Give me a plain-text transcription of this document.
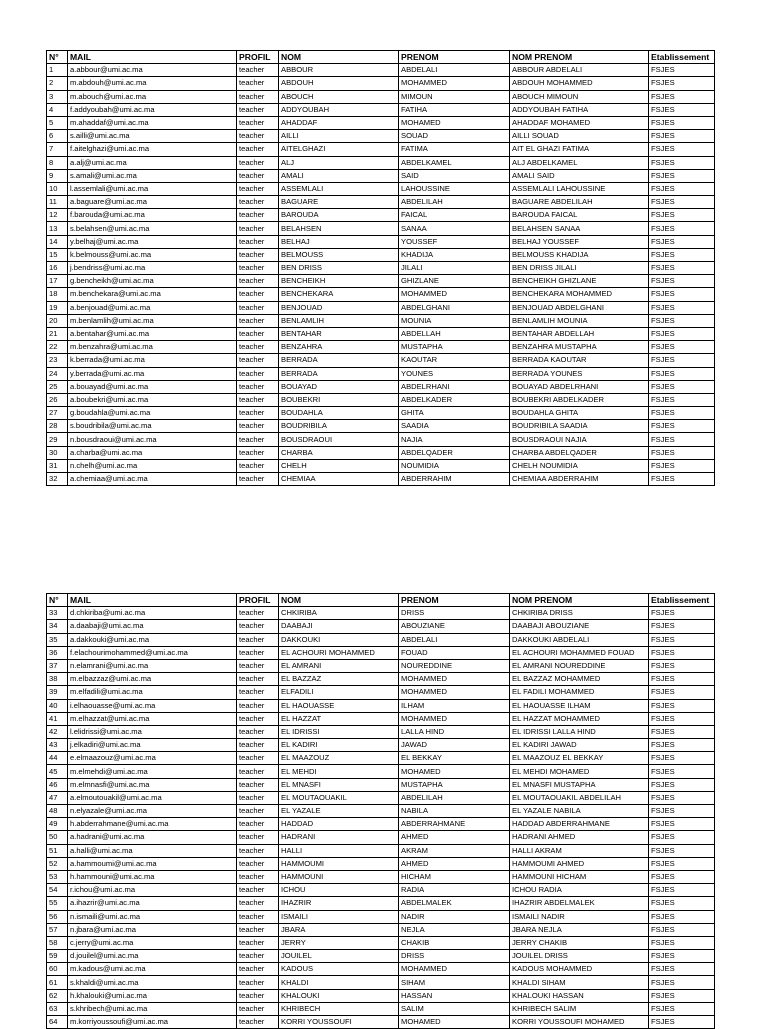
N°	MAIL	PROFIL	NOM	PRENOM	NOM PRENOM	Etablissement
1	a.abbour@umi.ac.ma	teacher	ABBOUR	ABDELALI	ABBOUR ABDELALI	FSJES
2	m.abdouh@umi.ac.ma	teacher	ABDOUH	MOHAMMED	ABDOUH MOHAMMED	FSJES
3	m.abouch@umi.ac.ma	teacher	ABOUCH	MIMOUN	ABOUCH MIMOUN	FSJES
4	f.addyoubah@umi.ac.ma	teacher	ADDYOUBAH	FATIHA	ADDYOUBAH FATIHA	FSJES
5	m.ahaddaf@umi.ac.ma	teacher	AHADDAF	MOHAMED	AHADDAF MOHAMED	FSJES
6	s.ailli@umi.ac.ma	teacher	AILLI	SOUAD	AILLI SOUAD	FSJES
7	f.aitelghazi@umi.ac.ma	teacher	AITELGHAZI	FATIMA	AIT EL GHAZI FATIMA	FSJES
8	a.alj@umi.ac.ma	teacher	ALJ	ABDELKAMEL	ALJ ABDELKAMEL	FSJES
9	s.amali@umi.ac.ma	teacher	AMALI	SAID	AMALI SAID	FSJES
10	l.assemlali@umi.ac.ma	teacher	ASSEMLALI	LAHOUSSINE	ASSEMLALI LAHOUSSINE	FSJES
11	a.baguare@umi.ac.ma	teacher	BAGUARE	ABDELILAH	BAGUARE ABDELILAH	FSJES
12	f.barouda@umi.ac.ma	teacher	BAROUDA	FAICAL	BAROUDA FAICAL	FSJES
13	s.belahsen@umi.ac.ma	teacher	BELAHSEN	SANAA	BELAHSEN SANAA	FSJES
14	y.belhaj@umi.ac.ma	teacher	BELHAJ	YOUSSEF	BELHAJ YOUSSEF	FSJES
15	k.belmouss@umi.ac.ma	teacher	BELMOUSS	KHADIJA	BELMOUSS KHADIJA	FSJES
16	j.bendriss@umi.ac.ma	teacher	BEN DRISS	JILALI	BEN DRISS JILALI	FSJES
17	g.bencheikh@umi.ac.ma	teacher	BENCHEIKH	GHIZLANE	BENCHEIKH GHIZLANE	FSJES
18	m.benchekara@umi.ac.ma	teacher	BENCHEKARA	MOHAMMED	BENCHEKARA MOHAMMED	FSJES
19	a.benjouad@umi.ac.ma	teacher	BENJOUAD	ABDELGHANI	BENJOUAD ABDELGHANI	FSJES
20	m.benlamlih@umi.ac.ma	teacher	BENLAMLIH	MOUNIA	BENLAMLIH MOUNIA	FSJES
21	a.bentahar@umi.ac.ma	teacher	BENTAHAR	ABDELLAH	BENTAHAR ABDELLAH	FSJES
22	m.benzahra@umi.ac.ma	teacher	BENZAHRA	MUSTAPHA	BENZAHRA MUSTAPHA	FSJES
23	k.berrada@umi.ac.ma	teacher	BERRADA	KAOUTAR	BERRADA KAOUTAR	FSJES
24	y.berrada@umi.ac.ma	teacher	BERRADA	YOUNES	BERRADA YOUNES	FSJES
25	a.bouayad@umi.ac.ma	teacher	BOUAYAD	ABDELRHANI	BOUAYAD ABDELRHANI	FSJES
26	a.boubekri@umi.ac.ma	teacher	BOUBEKRI	ABDELKADER	BOUBEKRI ABDELKADER	FSJES
27	g.boudahla@umi.ac.ma	teacher	BOUDAHLA	GHITA	BOUDAHLA GHITA	FSJES
28	s.boudribila@umi.ac.ma	teacher	BOUDRIBILA	SAADIA	BOUDRIBILA SAADIA	FSJES
29	n.bousdraoui@umi.ac.ma	teacher	BOUSDRAOUI	NAJIA	BOUSDRAOUI NAJIA	FSJES
30	a.charba@umi.ac.ma	teacher	CHARBA	ABDELQADER	CHARBA ABDELQADER	FSJES
31	n.chelh@umi.ac.ma	teacher	CHELH	NOUMIDIA	CHELH NOUMIDIA	FSJES
32	a.chemiaa@umi.ac.ma	teacher	CHEMIAA	ABDERRAHIM	CHEMIAA ABDERRAHIM	FSJES
N°	MAIL	PROFIL	NOM	PRENOM	NOM PRENOM	Etablissement
33	d.chkiriba@umi.ac.ma	teacher	CHKIRIBA	DRISS	CHKIRIBA DRISS	FSJES
34	a.daabaji@umi.ac.ma	teacher	DAABAJI	ABOUZIANE	DAABAJI ABOUZIANE	FSJES
35	a.dakkouki@umi.ac.ma	teacher	DAKKOUKI	ABDELALI	DAKKOUKI ABDELALI	FSJES
36	f.elachourimohammed@umi.ac.ma	teacher	EL ACHOURI MOHAMMED	FOUAD	EL ACHOURI MOHAMMED FOUAD	FSJES
37	n.elamrani@umi.ac.ma	teacher	EL AMRANI	NOUREDDINE	EL AMRANI NOUREDDINE	FSJES
38	m.elbazzaz@umi.ac.ma	teacher	EL BAZZAZ	MOHAMMED	EL BAZZAZ MOHAMMED	FSJES
39	m.elfadili@umi.ac.ma	teacher	ELFADILI	MOHAMMED	EL FADILI MOHAMMED	FSJES
40	i.elhaouasse@umi.ac.ma	teacher	EL HAOUASSE	ILHAM	EL HAOUASSE ILHAM	FSJES
41	m.elhazzat@umi.ac.ma	teacher	EL HAZZAT	MOHAMMED	EL HAZZAT MOHAMMED	FSJES
42	l.elidrissi@umi.ac.ma	teacher	EL IDRISSI	LALLA HIND	EL IDRISSI LALLA HIND	FSJES
43	j.elkadiri@umi.ac.ma	teacher	EL KADIRI	JAWAD	EL KADIRI JAWAD	FSJES
44	e.elmaazouz@umi.ac.ma	teacher	EL MAAZOUZ	EL BEKKAY	EL MAAZOUZ EL BEKKAY	FSJES
45	m.elmehdi@umi.ac.ma	teacher	EL MEHDI	MOHAMED	EL MEHDI MOHAMED	FSJES
46	m.elmnasfi@umi.ac.ma	teacher	EL MNASFI	MUSTAPHA	EL MNASFI MUSTAPHA	FSJES
47	a.elmoutouakil@umi.ac.ma	teacher	EL MOUTAOUAKIL	ABDELILAH	EL MOUTAOUAKIL ABDELILAH	FSJES
48	n.elyazale@umi.ac.ma	teacher	EL YAZALE	NABILA	EL YAZALE NABILA	FSJES
49	h.abderrahmane@umi.ac.ma	teacher	HADDAD	ABDERRAHMANE	HADDAD ABDERRAHMANE	FSJES
50	a.hadrani@umi.ac.ma	teacher	HADRANI	AHMED	HADRANI AHMED	FSJES
51	a.halli@umi.ac.ma	teacher	HALLI	AKRAM	HALLI AKRAM	FSJES
52	a.hammoumi@umi.ac.ma	teacher	HAMMOUMI	AHMED	HAMMOUMI AHMED	FSJES
53	h.hammouni@umi.ac.ma	teacher	HAMMOUNI	HICHAM	HAMMOUNI HICHAM	FSJES
54	r.ichou@umi.ac.ma	teacher	ICHOU	RADIA	ICHOU RADIA	FSJES
55	a.ihazrir@umi.ac.ma	teacher	IHAZRIR	ABDELMALEK	IHAZRIR ABDELMALEK	FSJES
56	n.ismaili@umi.ac.ma	teacher	ISMAILI	NADIR	ISMAILI NADIR	FSJES
57	n.jbara@umi.ac.ma	teacher	JBARA	NEJLA	JBARA NEJLA	FSJES
58	c.jerry@umi.ac.ma	teacher	JERRY	CHAKIB	JERRY CHAKIB	FSJES
59	d.jouilel@umi.ac.ma	teacher	JOUILEL	DRISS	JOUILEL DRISS	FSJES
60	m.kadous@umi.ac.ma	teacher	KADOUS	MOHAMMED	KADOUS MOHAMMED	FSJES
61	s.khaldi@umi.ac.ma	teacher	KHALDI	SIHAM	KHALDI SIHAM	FSJES
62	h.khalouki@umi.ac.ma	teacher	KHALOUKI	HASSAN	KHALOUKI HASSAN	FSJES
63	s.khribech@umi.ac.ma	teacher	KHRIBECH	SALIM	KHRIBECH SALIM	FSJES
64	m.korriyoussoufi@umi.ac.ma	teacher	KORRI YOUSSOUFI	MOHAMED	KORRI YOUSSOUFI MOHAMED	FSJES
